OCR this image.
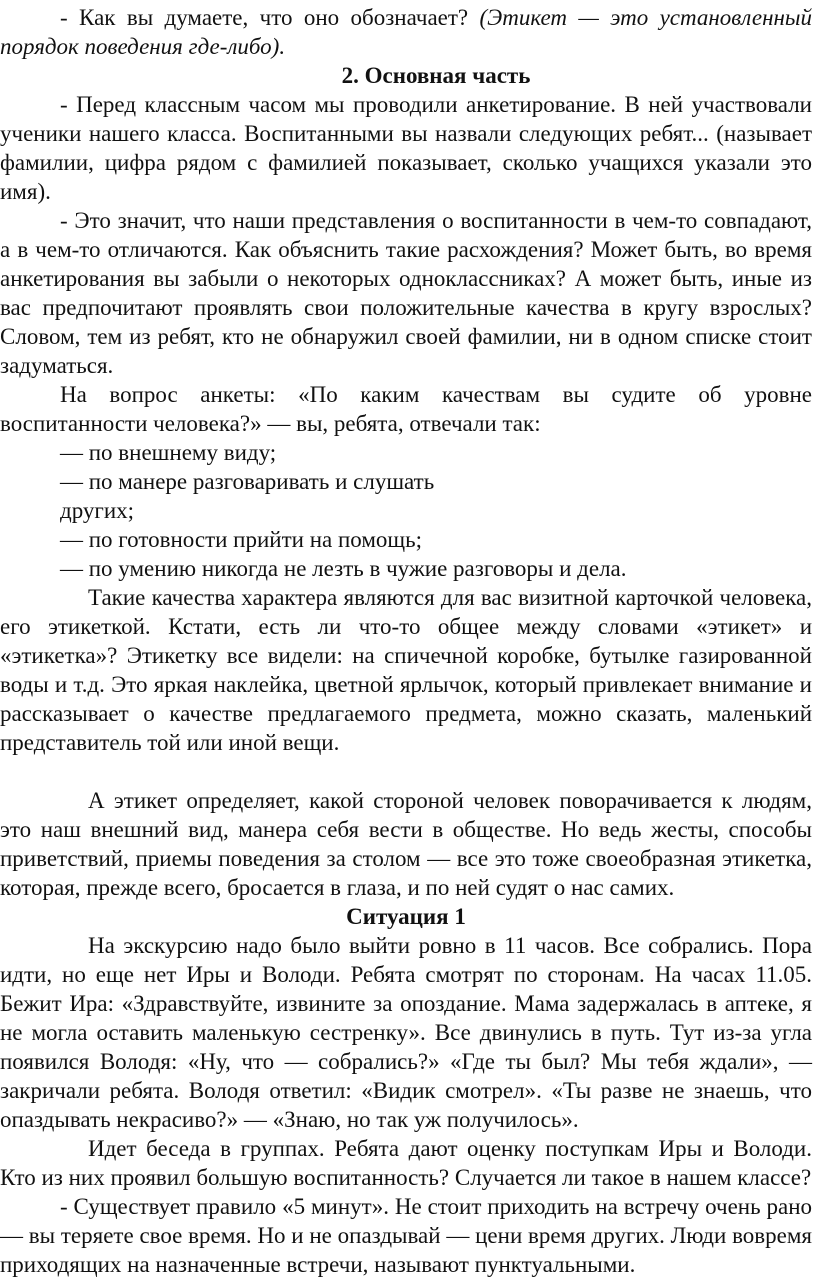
- Как вы думаете, что оно обозначает? (Этикет — это установленный порядок поведения где-либо).

2. Основная часть

- Перед классным часом мы проводили анкетирование. В ней участвовали ученики нашего класса. Воспитанными вы назвали следующих ребят... (называет фамилии, цифра рядом с фамилией показывает, сколько учащихся указали это имя).

- Это значит, что наши представления о воспитанности в чем-то совпадают, а в чем-то отличаются. Как объяснить такие расхождения? Может быть, во время анкетирования вы забыли о некоторых одноклассниках? А может быть, иные из вас предпочитают проявлять свои положительные качества в кругу взрослых? Словом, тем из ребят, кто не обнаружил своей фамилии, ни в одном списке стоит задуматься.

На вопрос анкеты: «По каким качествам вы судите об уровне воспитанности человека?» — вы, ребята, отвечали так:

— по внешнему виду;

— по манере разговаривать и слушать

других;

— по готовности прийти на помощь;

— по умению никогда не лезть в чужие разговоры и дела.

Такие качества характера являются для вас визитной карточкой человека, его этикеткой. Кстати, есть ли что-то общее между словами «этикет» и «этикетка»? Этикетку все видели: на спичечной коробке, бутылке газированной воды и т.д. Это яркая наклейка, цветной ярлычок, который привлекает внимание и рассказывает о качестве предлагаемого предмета, можно сказать, маленький представитель той или иной вещи.

А этикет определяет, какой стороной человек поворачивается к людям, это наш внешний вид, манера себя вести в обществе. Но ведь жесты, способы приветствий, приемы поведения за столом — все это тоже своеобразная этикетка, которая, прежде всего, бросается в глаза, и по ней судят о нас самих.

Ситуация 1

На экскурсию надо было выйти ровно в 11 часов. Все собрались. Пора идти, но еще нет Иры и Володи. Ребята смотрят по сторонам. На часах 11.05. Бежит Ира: «Здравствуйте, извините за опоздание. Мама задержалась в аптеке, я не могла оставить маленькую сестренку». Все двинулись в путь. Тут из-за угла появился Володя: «Ну, что — собрались?» «Где ты был? Мы тебя ждали», — закричали ребята. Володя ответил: «Видик смотрел». «Ты разве не знаешь, что опаздывать некрасиво?» — «Знаю, но так уж получилось».

Идет беседа в группах. Ребята дают оценку поступкам Иры и Володи. Кто из них проявил большую воспитанность? Случается ли такое в нашем классе?

- Существует правило «5 минут». Не стоит приходить на встречу очень рано — вы теряете свое время. Но и не опаздывай — цени время других. Люди вовремя приходящих на назначенные встречи, называют пунктуальными.
